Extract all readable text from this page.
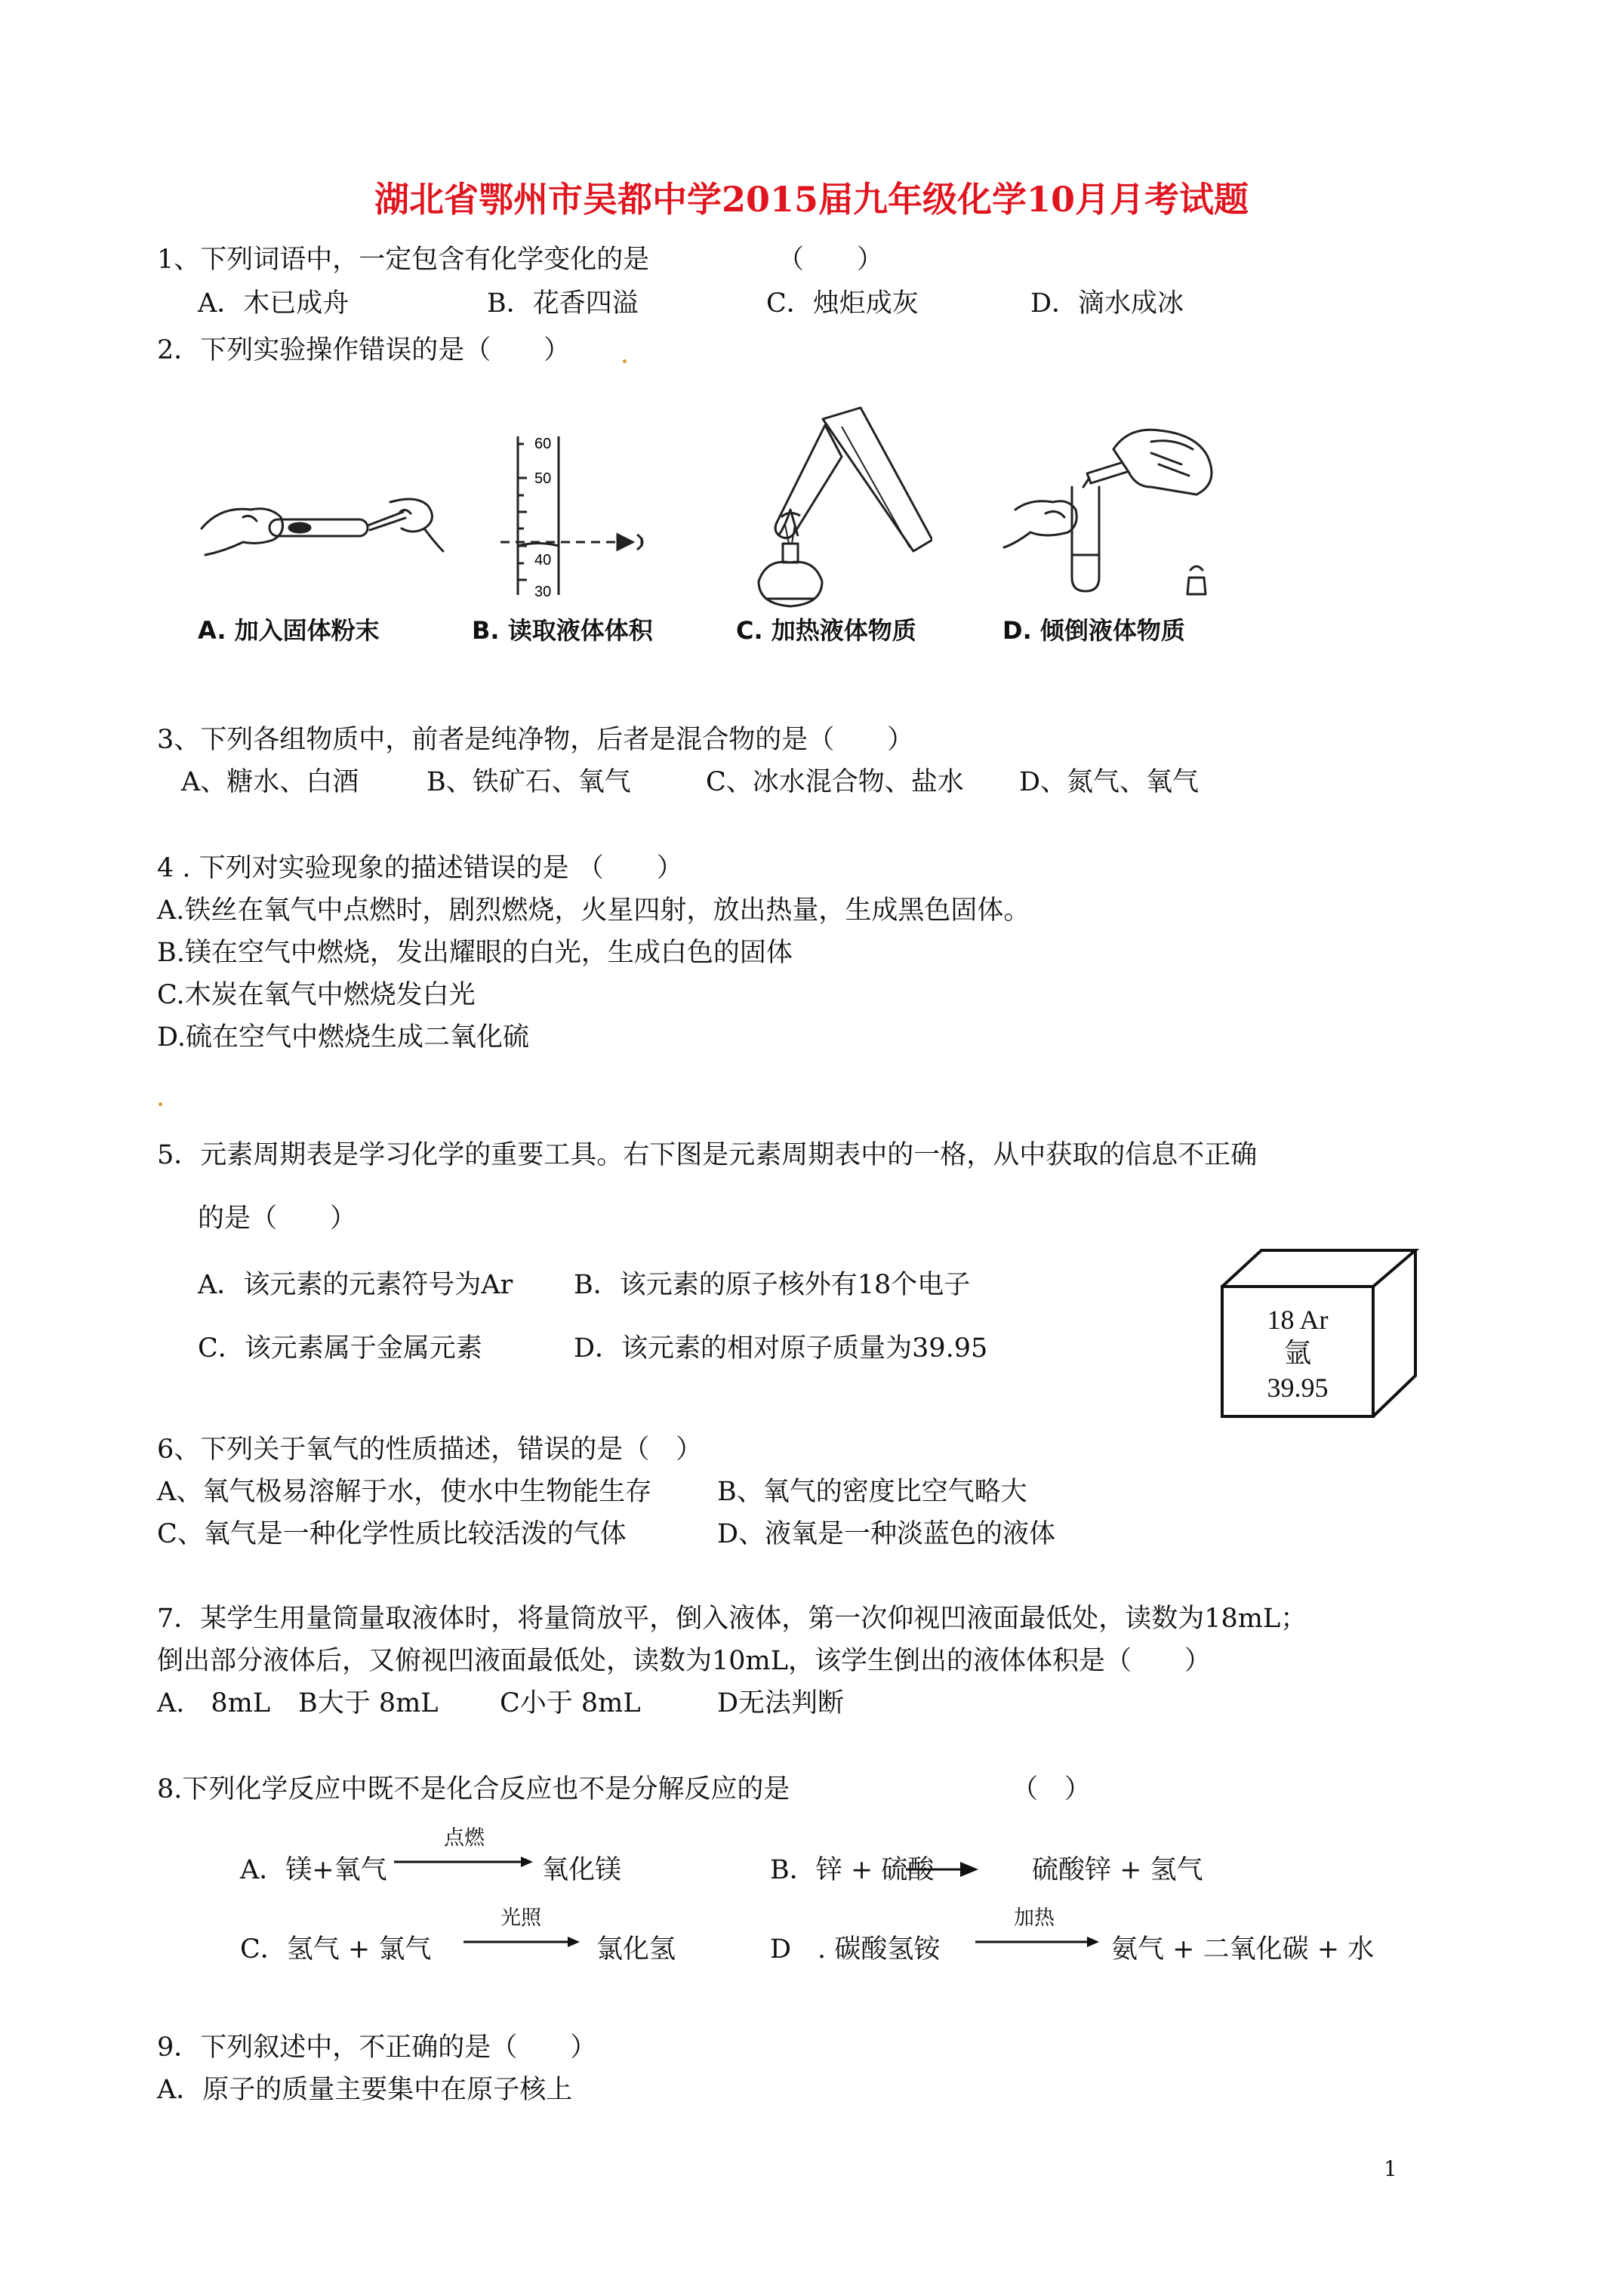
湖北省鄂州市吴都中学2015届九年级化学10月月考试题
1、下列词语中，一定包含有化学变化的是	（　　）
A．木已成舟	B．花香四溢	C．烛炬成灰	D．滴水成冰
2．下列实验操作错误的是（　　）
60
50
40
30
A. 加入固体粉末	B. 读取液体体积	C. 加热液体物质	D. 倾倒液体物质
3、下列各组物质中，前者是纯净物，后者是混合物的是（　　）
A、糖水、白酒	B、铁矿石、氧气	C、冰水混合物、盐水 D、氮气、氧气
4 . 下列对实验现象的描述错误的是 （　　）
A.铁丝在氧气中点燃时，剧烈燃烧，火星四射，放出热量，生成黑色固体。
B.镁在空气中燃烧，发出耀眼的白光，生成白色的固体
C.木炭在氧气中燃烧发白光
D.硫在空气中燃烧生成二氧化硫
5．元素周期表是学习化学的重要工具。右下图是元素周期表中的一格，从中获取的信息不正确
的是（　　）
A．该元素的元素符号为Ar B．该元素的原子核外有18个电子
C．该元素属于金属元素	D．该元素的相对原子质量为39.95
18 Ar
氩
39.95
6、下列关于氧气的性质描述，错误的是（　）
A、氧气极易溶解于水，使水中生物能生存 B、氧气的密度比空气略大
C、氧气是一种化学性质比较活泼的气体	D、液氧是一种淡蓝色的液体
7．某学生用量筒量取液体时，将量筒放平，倒入液体，第一次仰视凹液面最低处，读数为18mL；
倒出部分液体后，又俯视凹液面最低处，读数为10mL，该学生倒出的液体体积是（　　）
A.　8mL B大于 8mL C小于 8mL	D无法判断
8.下列化学反应中既不是化合反应也不是分解反应的是	（　）
A．镁+氧气
点燃
氧化镁	B．锌 + 硫酸	硫酸锌 + 氢气
C．氢气 + 氯气
光照
氯化氢	D　. 碳酸氢铵
加热
氨气 + 二氧化碳 + 水
9．下列叙述中，不正确的是（　　）
A．原子的质量主要集中在原子核上
1
